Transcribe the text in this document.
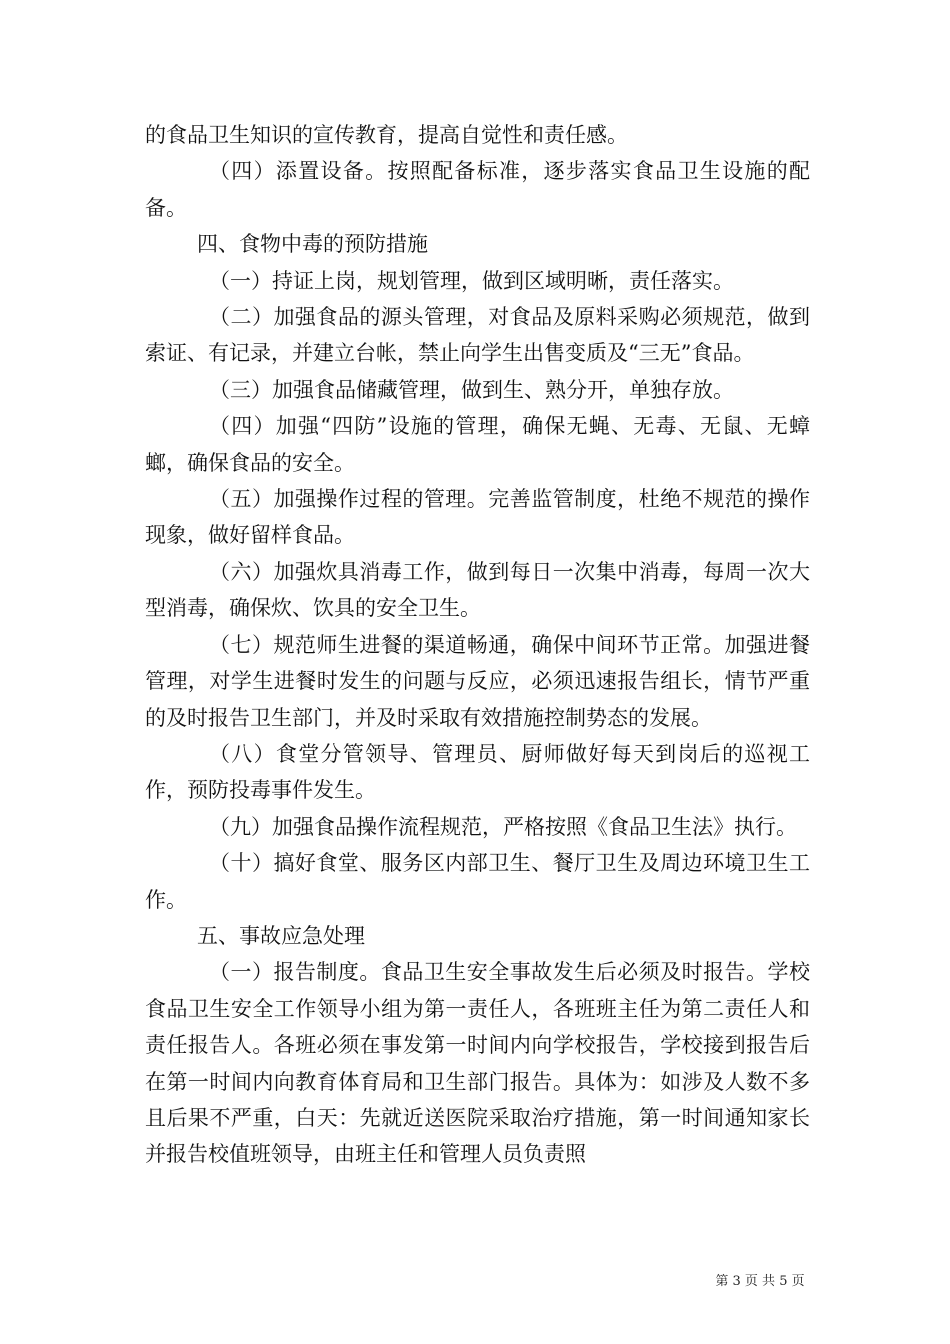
的食品卫生知识的宣传教育，提高自觉性和责任感。

（四）添置设备。按照配备标准，逐步落实食品卫生设施的配备。

四、食物中毒的预防措施

（一）持证上岗，规划管理，做到区域明晰，责任落实。

（二）加强食品的源头管理，对食品及原料采购必须规范，做到索证、有记录，并建立台帐，禁止向学生出售变质及“三无”食品。

（三）加强食品储藏管理，做到生、熟分开，单独存放。

（四）加强“四防”设施的管理，确保无蝇、无毒、无鼠、无蟑螂，确保食品的安全。

（五）加强操作过程的管理。完善监管制度，杜绝不规范的操作现象，做好留样食品。

（六）加强炊具消毒工作，做到每日一次集中消毒，每周一次大型消毒，确保炊、饮具的安全卫生。

（七）规范师生进餐的渠道畅通，确保中间环节正常。加强进餐管理，对学生进餐时发生的问题与反应，必须迅速报告组长，情节严重的及时报告卫生部门，并及时采取有效措施控制势态的发展。

（八）食堂分管领导、管理员、厨师做好每天到岗后的巡视工作，预防投毒事件发生。

（九）加强食品操作流程规范，严格按照《食品卫生法》执行。

（十）搞好食堂、服务区内部卫生、餐厅卫生及周边环境卫生工作。

五、事故应急处理

（一）报告制度。食品卫生安全事故发生后必须及时报告。学校食品卫生安全工作领导小组为第一责任人，各班班主任为第二责任人和责任报告人。各班必须在事发第一时间内向学校报告，学校接到报告后在第一时间内向教育体育局和卫生部门报告。具体为：如涉及人数不多且后果不严重，白天：先就近送医院采取治疗措施，第一时间通知家长并报告校值班领导，由班主任和管理人员负责照

第 3 页 共 5 页
